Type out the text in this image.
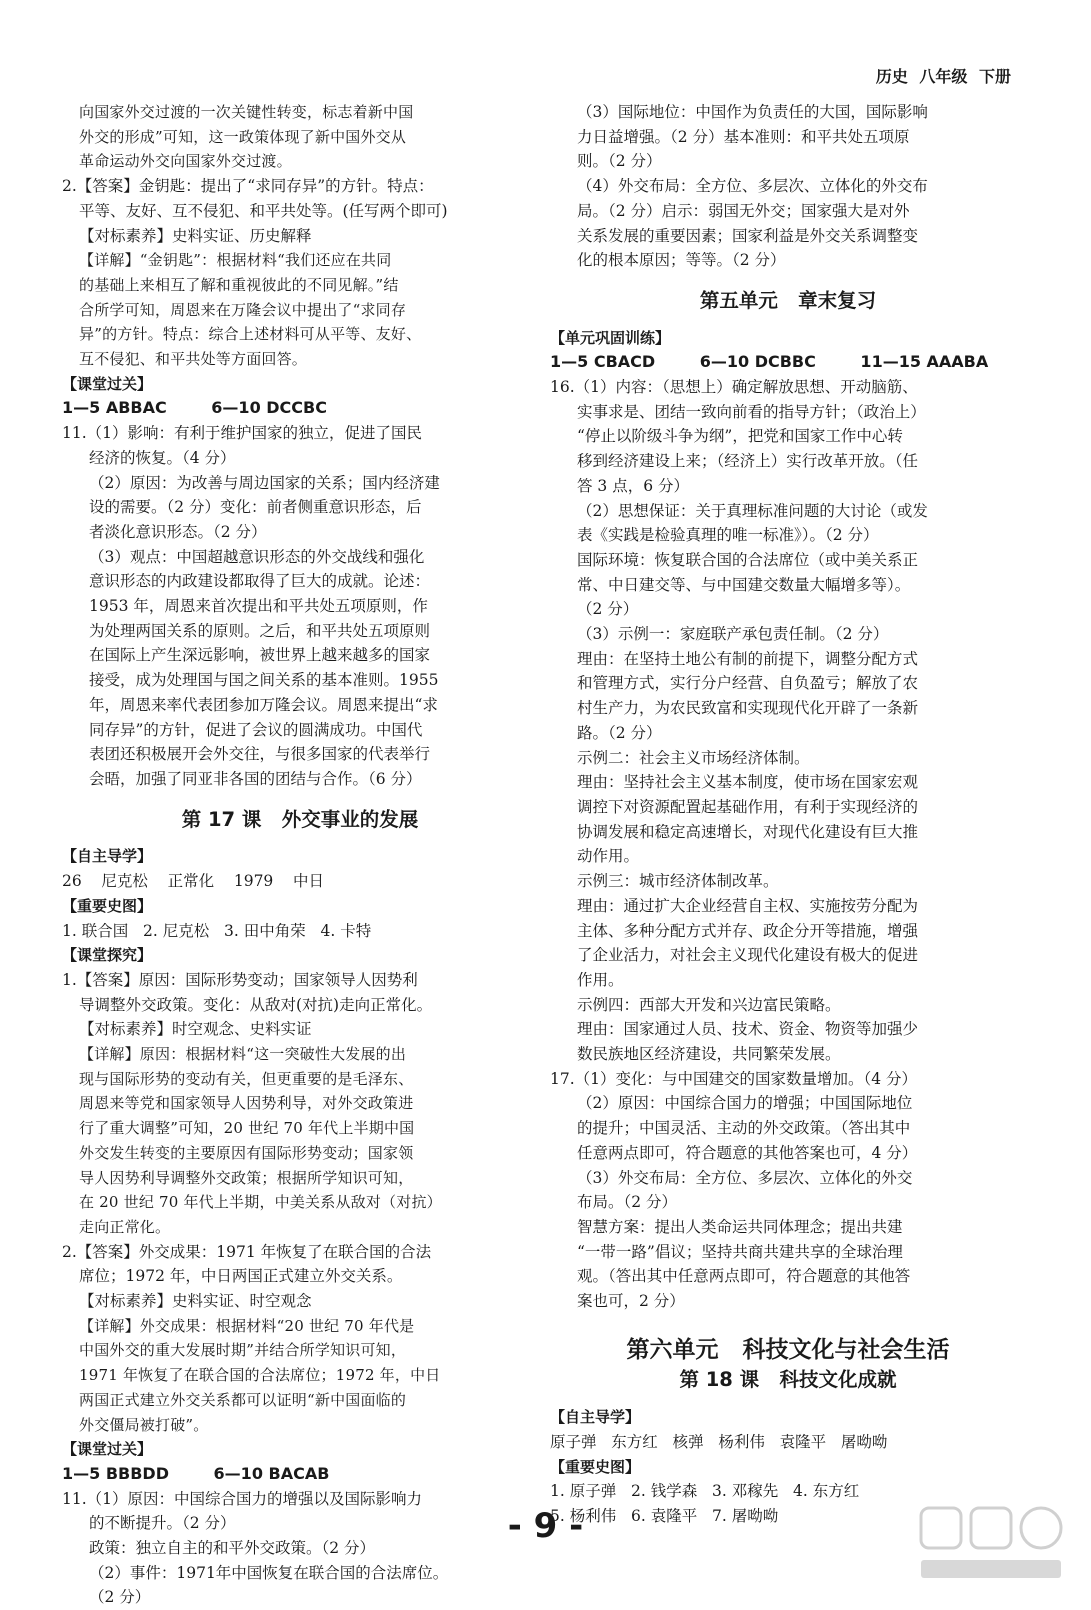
历史 八年级 下册

向国家外交过渡的一次关键性转变，标志着新中国

外交的形成”可知，这一政策体现了新中国外交从

革命运动外交向国家外交过渡。

2.【答案】金钥匙：提出了“求同存异”的方针。特点：

平等、友好、互不侵犯、和平共处等。(任写两个即可)

【对标素养】史料实证、历史解释

【详解】“金钥匙”：根据材料“我们还应在共同

的基础上来相互了解和重视彼此的不同见解。”结

合所学可知，周恩来在万隆会议中提出了“求同存

异”的方针。特点：综合上述材料可从平等、友好、

互不侵犯、和平共处等方面回答。

【课堂过关】

1—5 ABBAC        6—10 DCCBC

11.（1）影响：有利于维护国家的独立，促进了国民

经济的恢复。（4 分）

（2）原因：为改善与周边国家的关系；国内经济建

设的需要。（2 分）变化：前者侧重意识形态，后

者淡化意识形态。（2 分）

（3）观点：中国超越意识形态的外交战线和强化

意识形态的内政建设都取得了巨大的成就。论述：

1953 年，周恩来首次提出和平共处五项原则，作

为处理两国关系的原则。之后，和平共处五项原则

在国际上产生深远影响，被世界上越来越多的国家

接受，成为处理国与国之间关系的基本准则。1955

年，周恩来率代表团参加万隆会议。周恩来提出“求

同存异”的方针，促进了会议的圆满成功。中国代

表团还积极展开会外交往，与很多国家的代表举行

会晤，加强了同亚非各国的团结与合作。（6 分）

第 17 课   外交事业的发展

【自主导学】

26    尼克松    正常化    1979    中日

【重要史图】

1. 联合国   2. 尼克松   3. 田中角荣   4. 卡特

【课堂探究】

1.【答案】原因：国际形势变动；国家领导人因势利

导调整外交政策。变化：从敌对(对抗)走向正常化。

【对标素养】时空观念、史料实证

【详解】原因：根据材料“这一突破性大发展的出

现与国际形势的变动有关，但更重要的是毛泽东、

周恩来等党和国家领导人因势利导，对外交政策进

行了重大调整”可知，20 世纪 70 年代上半期中国

外交发生转变的主要原因有国际形势变动；国家领

导人因势利导调整外交政策；根据所学知识可知，

在 20 世纪 70 年代上半期，中美关系从敌对（对抗）

走向正常化。

2.【答案】外交成果：1971 年恢复了在联合国的合法

席位；1972 年，中日两国正式建立外交关系。

【对标素养】史料实证、时空观念

【详解】外交成果：根据材料“20 世纪 70 年代是

中国外交的重大发展时期”并结合所学知识可知，

1971 年恢复了在联合国的合法席位；1972 年，中日

两国正式建立外交关系都可以证明“新中国面临的

外交僵局被打破”。

【课堂过关】

1—5 BBBDD        6—10 BACAB

11.（1）原因：中国综合国力的增强以及国际影响力

的不断提升。（2 分）

政策：独立自主的和平外交政策。（2 分）

（2）事件：1971年中国恢复在联合国的合法席位。

（2 分）

（3）国际地位：中国作为负责任的大国，国际影响

力日益增强。（2 分）基本准则：和平共处五项原

则。（2 分）

（4）外交布局：全方位、多层次、立体化的外交布

局。（2 分）启示：弱国无外交；国家强大是对外

关系发展的重要因素；国家利益是外交关系调整变

化的根本原因；等等。（2 分）

第五单元   章末复习

【单元巩固训练】

1—5 CBACD        6—10 DCBBC        11—15 AAABA

16.（1）内容：（思想上）确定解放思想、开动脑筋、

实事求是、团结一致向前看的指导方针；（政治上）

“停止以阶级斗争为纲”，把党和国家工作中心转

移到经济建设上来；（经济上）实行改革开放。（任

答 3 点，6 分）

（2）思想保证：关于真理标准问题的大讨论（或发

表《实践是检验真理的唯一标准》）。（2 分）

国际环境：恢复联合国的合法席位（或中美关系正

常、中日建交等、与中国建交数量大幅增多等）。

（2 分）

（3）示例一：家庭联产承包责任制。（2 分）

理由：在坚持土地公有制的前提下，调整分配方式

和管理方式，实行分户经营、自负盈亏；解放了农

村生产力，为农民致富和实现现代化开辟了一条新

路。（2 分）

示例二：社会主义市场经济体制。

理由：坚持社会主义基本制度，使市场在国家宏观

调控下对资源配置起基础作用，有利于实现经济的

协调发展和稳定高速增长，对现代化建设有巨大推

动作用。

示例三：城市经济体制改革。

理由：通过扩大企业经营自主权、实施按劳分配为

主体、多种分配方式并存、政企分开等措施，增强

了企业活力，对社会主义现代化建设有极大的促进

作用。

示例四：西部大开发和兴边富民策略。

理由：国家通过人员、技术、资金、物资等加强少

数民族地区经济建设，共同繁荣发展。

17.（1）变化：与中国建交的国家数量增加。（4 分）

（2）原因：中国综合国力的增强；中国国际地位

的提升；中国灵活、主动的外交政策。（答出其中

任意两点即可，符合题意的其他答案也可，4 分）

（3）外交布局：全方位、多层次、立体化的外交

布局。（2 分）

智慧方案：提出人类命运共同体理念；提出共建

“一带一路”倡议；坚持共商共建共享的全球治理

观。（答出其中任意两点即可，符合题意的其他答

案也可，2 分）

第六单元   科技文化与社会生活
第 18 课   科技文化成就

【自主导学】

原子弹   东方红   核弹   杨利伟   袁隆平   屠呦呦

【重要史图】

1. 原子弹   2. 钱学森   3. 邓稼先   4. 东方红

5. 杨利伟   6. 袁隆平   7. 屠呦呦

- 9 -
